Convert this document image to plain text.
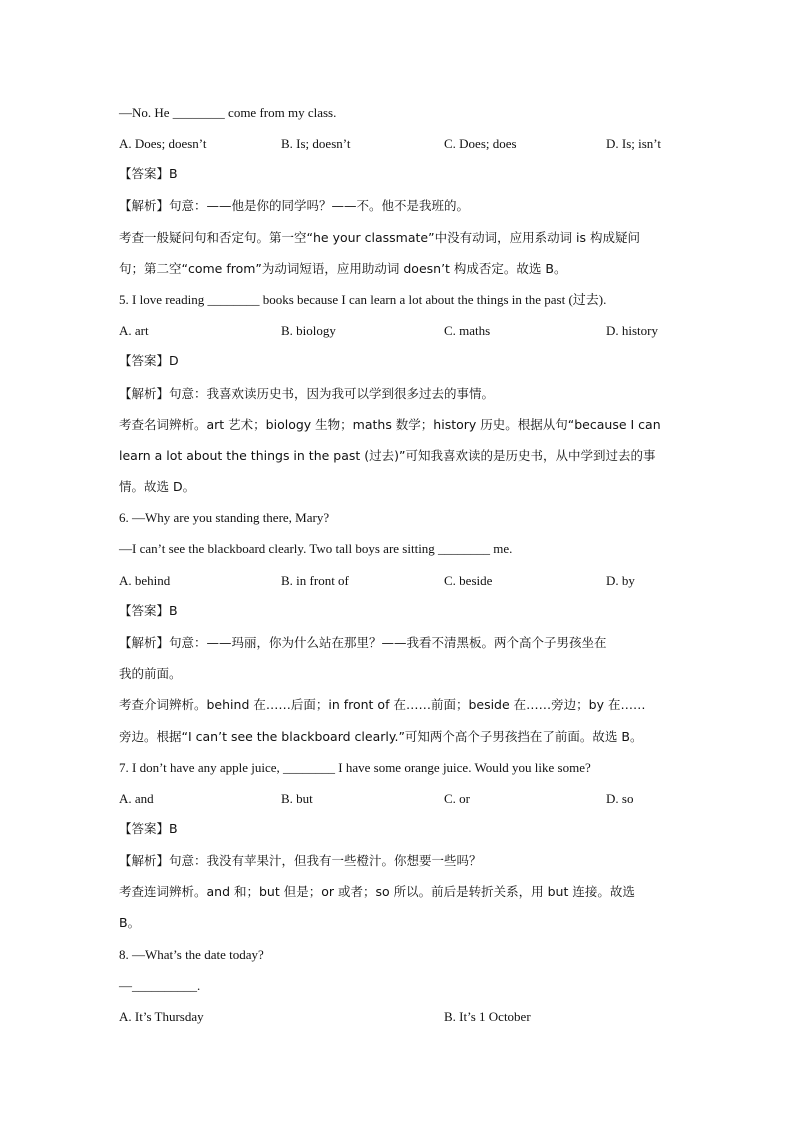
—No. He ________ come from my class.
A. Does; doesn’t	B. Is; doesn’t	C. Does; does	D. Is; isn’t
【答案】B
【解析】句意：——他是你的同学吗？——不。他不是我班的。
考查一般疑问句和否定句。第一空“he your classmate”中没有动词，应用系动词 is 构成疑问
句；第二空“come from”为动词短语，应用助动词 doesn’t 构成否定。故选 B。
5. I love reading ________ books because I can learn a lot about the things in the past (过去).
A. art	B. biology	C. maths	D. history
【答案】D
【解析】句意：我喜欢读历史书，因为我可以学到很多过去的事情。
考查名词辨析。art 艺术；biology 生物；maths 数学；history 历史。根据从句“because I can
learn a lot about the things in the past (过去)”可知我喜欢读的是历史书，从中学到过去的事
情。故选 D。
6. —Why are you standing there, Mary?
—I can’t see the blackboard clearly. Two tall boys are sitting ________ me.
A. behind	B. in front of	C. beside	D. by
【答案】B
【解析】句意：——玛丽，你为什么站在那里？——我看不清黑板。两个高个子男孩坐在
我的前面。
考查介词辨析。behind 在……后面；in front of 在……前面；beside 在……旁边；by 在……
旁边。根据“I can’t see the blackboard clearly.”可知两个高个子男孩挡在了前面。故选 B。
7. I don’t have any apple juice, ________ I have some orange juice. Would you like some?
A. and	B. but	C. or	D. so
【答案】B
【解析】句意：我没有苹果汁，但我有一些橙汁。你想要一些吗？
考查连词辨析。and 和；but 但是；or 或者；so 所以。前后是转折关系，用 but 连接。故选
B。
8. —What’s the date today?
—__________.
A. It’s Thursday	B. It’s 1 October
